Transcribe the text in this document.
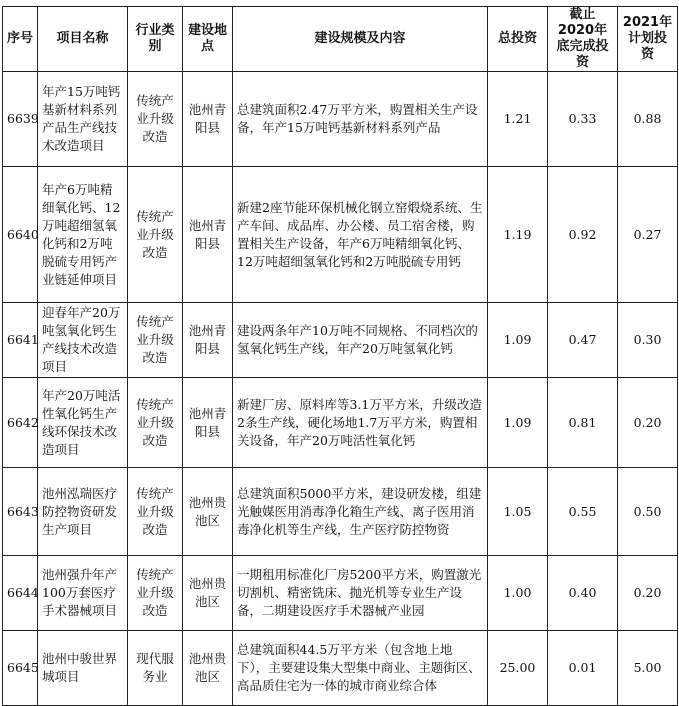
序号	项目名称	行业类别	建设地点	建设规模及内容	总投资	截止2020年底完成投资	2021年计划投资
6639	年产15万吨钙基新材料系列产品生产线技术改造项目	传统产业升级改造	池州青阳县	总建筑面积2.47万平方米，购置相关生产设备，年产15万吨钙基新材料系列产品	1.21	0.33	0.88
6640	年产6万吨精细氧化钙、12万吨超细氢氧化钙和2万吨脱硫专用钙产业链延伸项目	传统产业升级改造	池州青阳县	新建2座节能环保机械化钢立窑煅烧系统、生产车间、成品库、办公楼、员工宿舍楼，购置相关生产设备，年产6万吨精细氧化钙、12万吨超细氢氧化钙和2万吨脱硫专用钙	1.19	0.92	0.27
6641	迎春年产20万吨氢氧化钙生产线技术改造项目	传统产业升级改造	池州青阳县	建设两条年产10万吨不同规格、不同档次的氢氧化钙生产线，年产20万吨氢氧化钙	1.09	0.47	0.30
6642	年产20万吨活性氧化钙生产线环保技术改造项目	传统产业升级改造	池州青阳县	新建厂房、原料库等3.1万平方米，升级改造2条生产线，硬化场地1.7万平方米，购置相关设备，年产20万吨活性氧化钙	1.09	0.81	0.20
6643	池州泓瑞医疗防控物资研发生产项目	传统产业升级改造	池州贵池区	总建筑面积5000平方米，建设研发楼，组建光触媒医用消毒净化箱生产线、离子医用消毒净化机等生产线，生产医疗防控物资	1.05	0.55	0.50
6644	池州强升年产100万套医疗手术器械项目	传统产业升级改造	池州贵池区	一期租用标准化厂房5200平方米，购置激光切割机、精密铣床、抛光机等专业生产设备，二期建设医疗手术器械产业园	1.00	0.40	0.20
6645	池州中骏世界城项目	现代服务业	池州贵池区	总建筑面积44.5万平方米（包含地上地下），主要建设集大型集中商业、主题街区、高品质住宅为一体的城市商业综合体	25.00	0.01	5.00
